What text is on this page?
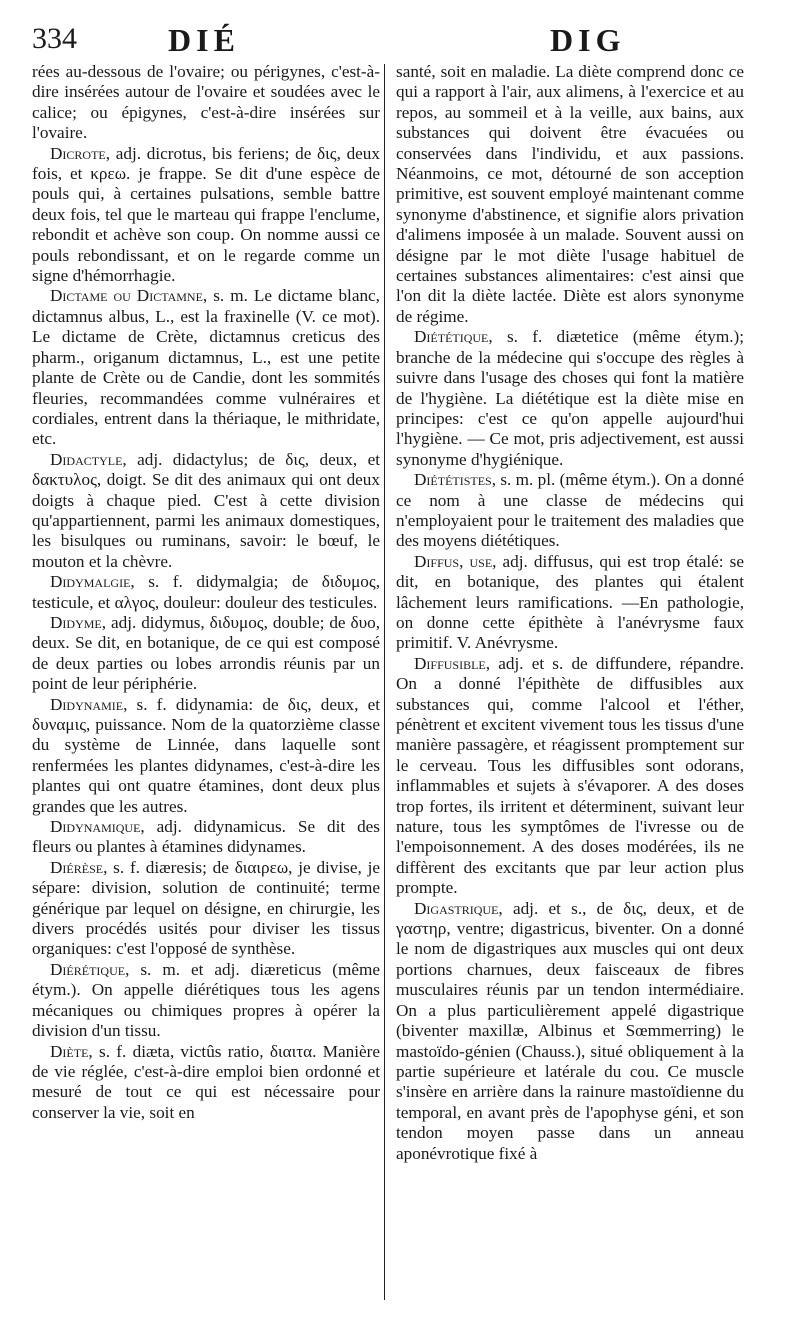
334	DIÉ	DIG

rées au-dessous de l'ovaire; ou périgynes, c'est-à-dire insérées autour de l'ovaire et soudées avec le calice; ou épigynes, c'est-à-dire insérées sur l'ovaire.

Dicrote, adj. dicrotus, bis feriens; de δις, deux fois, et κρεω. je frappe. Se dit d'une espèce de pouls qui, à certaines pulsations, semble battre deux fois, tel que le marteau qui frappe l'enclume, rebondit et achève son coup. On nomme aussi ce pouls rebondissant, et on le regarde comme un signe d'hémorrhagie.

Dictame ou Dictamne, s. m. Le dictame blanc, dictamnus albus, L., est la fraxinelle (V. ce mot). Le dictame de Crète, dictamnus creticus des pharm., origanum dictamnus, L., est une petite plante de Crète ou de Candie, dont les sommités fleuries, recommandées comme vulnéraires et cordiales, entrent dans la thériaque, le mithridate, etc.

Didactyle, adj. didactylus; de δις, deux, et δακτυλος, doigt. Se dit des animaux qui ont deux doigts à chaque pied. C'est à cette division qu'appartiennent, parmi les animaux domestiques, les bisulques ou ruminans, savoir: le bœuf, le mouton et la chèvre.

Didymalgie, s. f. didymalgia; de διδυμος, testicule, et αλγος, douleur: douleur des testicules.

Didyme, adj. didymus, διδυμος, double; de δυο, deux. Se dit, en botanique, de ce qui est composé de deux parties ou lobes arrondis réunis par un point de leur périphérie.

Didynamie, s. f. didynamia: de δις, deux, et δυναμις, puissance. Nom de la quatorzième classe du système de Linnée, dans laquelle sont renfermées les plantes didynames, c'est-à-dire les plantes qui ont quatre étamines, dont deux plus grandes que les autres.

Didynamique, adj. didynamicus. Se dit des fleurs ou plantes à étamines didynames.

Diérèse, s. f. diæresis; de διαιρεω, je divise, je sépare: division, solution de continuité; terme générique par lequel on désigne, en chirurgie, les divers procédés usités pour diviser les tissus organiques: c'est l'opposé de synthèse.

Diérétique, s. m. et adj. diæreticus (même étym.). On appelle diérétiques tous les agens mécaniques ou chimiques propres à opérer la division d'un tissu.

Diète, s. f. diæta, victûs ratio, διαιτα. Manière de vie réglée, c'est-à-dire emploi bien ordonné et mesuré de tout ce qui est nécessaire pour conserver la vie, soit en

santé, soit en maladie. La diète comprend donc ce qui a rapport à l'air, aux alimens, à l'exercice et au repos, au sommeil et à la veille, aux bains, aux substances qui doivent être évacuées ou conservées dans l'individu, et aux passions. Néanmoins, ce mot, détourné de son acception primitive, est souvent employé maintenant comme synonyme d'abstinence, et signifie alors privation d'alimens imposée à un malade. Souvent aussi on désigne par le mot diète l'usage habituel de certaines substances alimentaires: c'est ainsi que l'on dit la diète lactée. Diète est alors synonyme de régime.

Diététique, s. f. diætetice (même étym.); branche de la médecine qui s'occupe des règles à suivre dans l'usage des choses qui font la matière de l'hygiène. La diététique est la diète mise en principes: c'est ce qu'on appelle aujourd'hui l'hygiène. — Ce mot, pris adjectivement, est aussi synonyme d'hygiénique.

Diététistes, s. m. pl. (même étym.). On a donné ce nom à une classe de médecins qui n'employaient pour le traitement des maladies que des moyens diététiques.

Diffus, use, adj. diffusus, qui est trop étalé: se dit, en botanique, des plantes qui étalent lâchement leurs ramifications. —En pathologie, on donne cette épithète à l'anévrysme faux primitif. V. Anévrysme.

Diffusible, adj. et s. de diffundere, répandre. On a donné l'épithète de diffusibles aux substances qui, comme l'alcool et l'éther, pénètrent et excitent vivement tous les tissus d'une manière passagère, et réagissent promptement sur le cerveau. Tous les diffusibles sont odorans, inflammables et sujets à s'évaporer. A des doses trop fortes, ils irritent et déterminent, suivant leur nature, tous les symptômes de l'ivresse ou de l'empoisonnement. A des doses modérées, ils ne diffèrent des excitants que par leur action plus prompte.

Digastrique, adj. et s., de δις, deux, et de γαστηρ, ventre; digastricus, biventer. On a donné le nom de digastriques aux muscles qui ont deux portions charnues, deux faisceaux de fibres musculaires réunis par un tendon intermédiaire. On a plus particulièrement appelé digastrique (biventer maxillæ, Albinus et Sœmmerring) le mastoïdo-génien (Chauss.), situé obliquement à la partie supérieure et latérale du cou. Ce muscle s'insère en arrière dans la rainure mastoïdienne du temporal, en avant près de l'apophyse géni, et son tendon moyen passe dans un anneau aponévrotique fixé à
